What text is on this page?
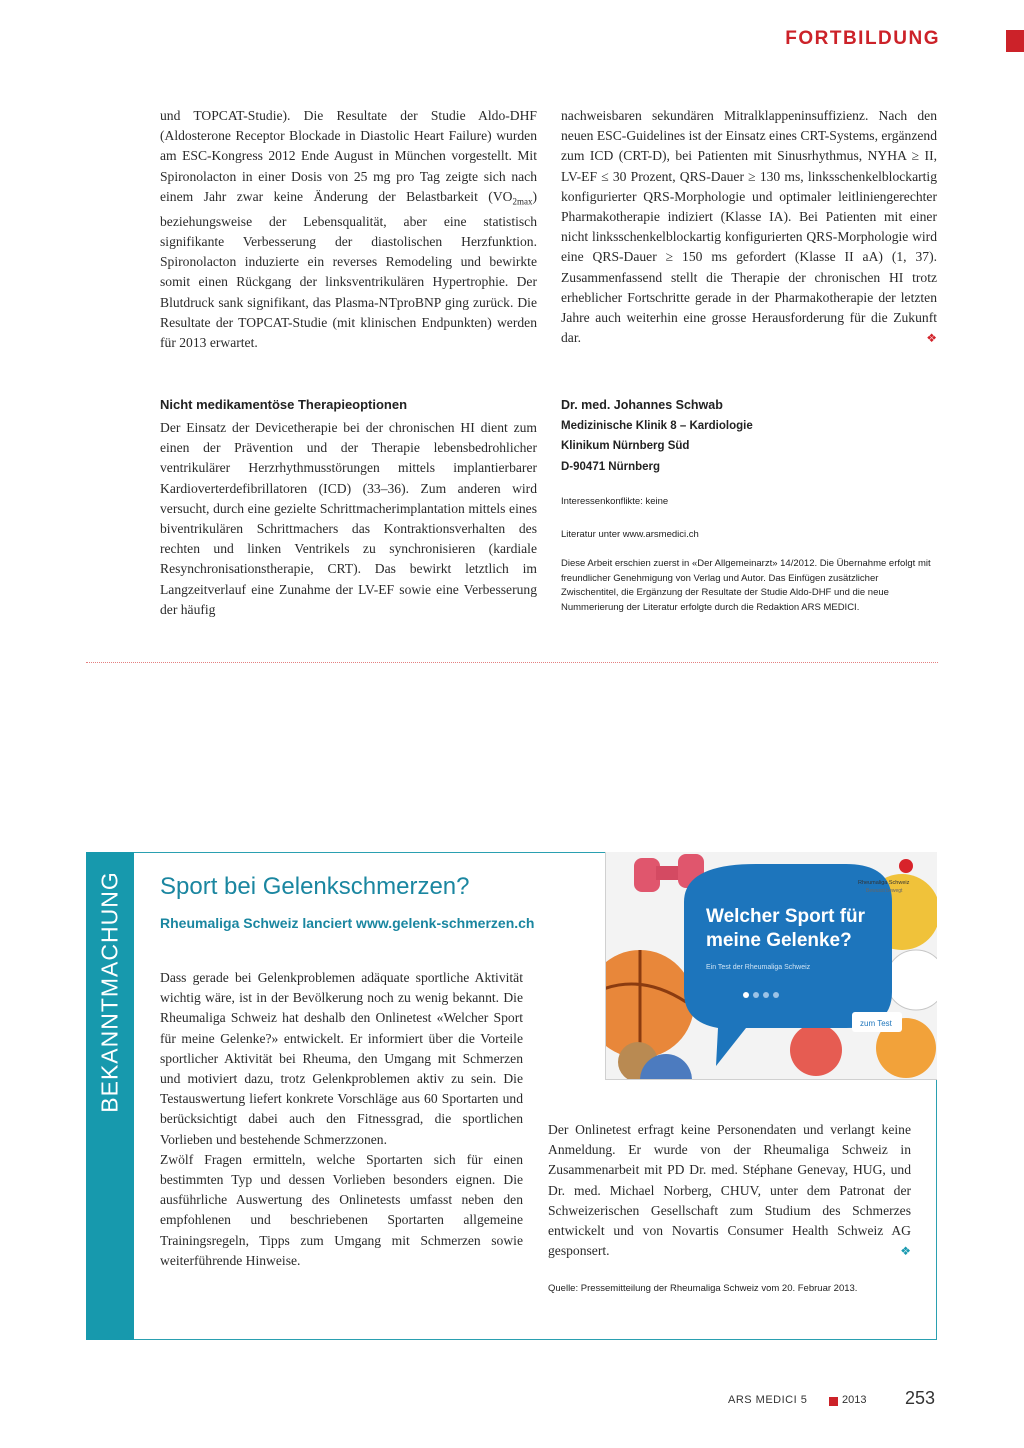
FORTBILDUNG

und TOPCAT-Studie). Die Resultate der Studie Aldo-DHF (Aldosterone Receptor Blockade in Diastolic Heart Failure) wurden am ESC-Kongress 2012 Ende August in München vorgestellt. Mit Spironolacton in einer Dosis von 25 mg pro Tag zeigte sich nach einem Jahr zwar keine Änderung der Belastbarkeit $(VO_{2max})$ beziehungsweise der Lebensqualität, aber eine statistisch signifikante Verbesserung der diastolischen Herzfunktion. Spironolacton induzierte ein reverses Remodeling und bewirkte somit einen Rückgang der linksventrikulären Hypertrophie. Der Blutdruck sank signifikant, das Plasma-NTproBNP ging zurück. Die Resultate der TOPCAT-Studie (mit klinischen Endpunkten) werden für 2013 erwartet.

Nicht medikamentöse Therapieoptionen

Der Einsatz der Devicetherapie bei der chronischen HI dient zum einen der Prävention und der Therapie lebensbedrohlicher ventrikulärer Herzrhythmusstörungen mittels implantierbarer Kardioverterdefibrillatoren (ICD) (33–36). Zum anderen wird versucht, durch eine gezielte Schrittmacherimplantation mittels eines biventrikulären Schrittmachers das Kontraktionsverhalten des rechten und linken Ventrikels zu synchronisieren (kardiale Resynchronisationstherapie, CRT). Das bewirkt letztlich im Langzeitverlauf eine Zunahme der LV-EF sowie eine Verbesserung der häufig

nachweisbaren sekundären Mitralklappeninsuffizienz. Nach den neuen ESC-Guidelines ist der Einsatz eines CRT-Systems, ergänzend zum ICD (CRT-D), bei Patienten mit Sinusrhythmus, NYHA ≥ II, LV-EF ≤ 30 Prozent, QRS-Dauer ≥ 130 ms, linksschenkelblockartig konfigurierter QRS-Morphologie und optimaler leitliniengerechter Pharmakotherapie indiziert (Klasse IA). Bei Patienten mit einer nicht linksschenkelblockartig konfigurierten QRS-Morphologie wird eine QRS-Dauer ≥ 150 ms gefordert (Klasse II aA) (1, 37). Zusammenfassend stellt die Therapie der chronischen HI trotz erheblicher Fortschritte gerade in der Pharmakotherapie der letzten Jahre auch weiterhin eine grosse Herausforderung für die Zukunft dar.	❖

Dr. med. Johannes Schwab
Medizinische Klinik 8 – Kardiologie
Klinikum Nürnberg Süd
D-90471 Nürnberg
Interessenkonflikte: keine
Literatur unter www.arsmedici.ch
Diese Arbeit erschien zuerst in «Der Allgemeinarzt» 14/2012. Die Übernahme erfolgt mit freundlicher Genehmigung von Verlag und Autor. Das Einfügen zusätzlicher Zwischentitel, die Ergänzung der Resultate der Studie Aldo-DHF und die neue Nummerierung der Literatur erfolgte durch die Redaktion ARS MEDICI.
BEKANNTMACHUNG Sport bei Gelenkschmerzen?
Rheumaliga Schweiz lanciert www.gelenk-schmerzen.ch

Dass gerade bei Gelenkproblemen adäquate sportliche Aktivität wichtig wäre, ist in der Bevölkerung noch zu wenig bekannt. Die Rheumaliga Schweiz hat deshalb den Onlinetest «Welcher Sport für meine Gelenke?» entwickelt. Er informiert über die Vorteile sportlicher Aktivität bei Rheuma, den Umgang mit Schmerzen und motiviert dazu, trotz Gelenkproblemen aktiv zu sein. Die Testauswertung liefert konkrete Vorschläge aus 60 Sportarten und berücksichtigt dabei auch den Fitnessgrad, die sportlichen Vorlieben und bestehende Schmerzzonen.

Zwölf Fragen ermitteln, welche Sportarten sich für einen bestimmten Typ und dessen Vorlieben besonders eignen. Die ausführliche Auswertung des Onlinetests umfasst neben den empfohlenen und beschriebenen Sportarten allgemeine Trainingsregeln, Tipps zum Umgang mit Schmerzen sowie weiterführende Hinweise.

Der Onlinetest erfragt keine Personendaten und verlangt keine Anmeldung. Er wurde von der Rheumaliga Schweiz in Zusammenarbeit mit PD Dr. med. Stéphane Genevay, HUG, und Dr. med. Michael Norberg, CHUV, unter dem Patronat der Schweizerischen Gesellschaft zum Studium des Schmerzes entwickelt und von Novartis Consumer Health Schweiz AG gesponsert.	❖

Quelle: Pressemitteilung der Rheumaliga Schweiz vom 20. Februar 2013.
Welcher Sport für
meine Gelenke?
Ein Test der Rheumaliga Schweiz
zum Test
Rheumaliga Schweiz
Bewusst bewegt
ARS MEDICI 5	2013 253
